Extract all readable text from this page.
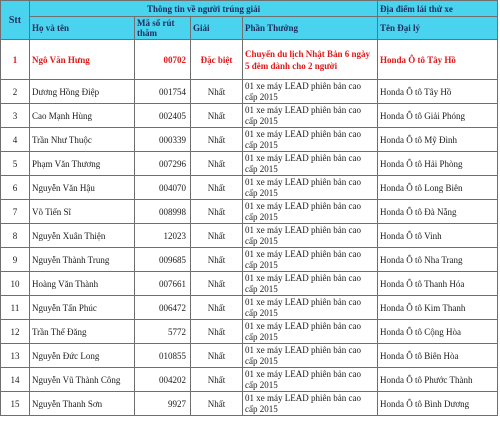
Stt	Thông tin về người trúng giải				Địa điểm lái thử xe
	Họ và tên	Mã số rút thăm	Giải	Phần Thưởng	Tên Đại lý
1	Ngô Văn Hưng	00702	Đặc biệt	Chuyến du lịch Nhật Bản 6 ngày 5 đêm dành cho 2 người	Honda Ô tô Tây Hồ
2	Dương Hồng Điệp	001754	Nhất	01 xe máy LEAD phiên bản cao cấp 2015	Honda Ô tô Tây Hồ
3	Cao Mạnh Hùng	002405	Nhất	01 xe máy LEAD phiên bản cao cấp 2015	Honda Ô tô Giải Phóng
4	Trần Như Thuộc	000339	Nhất	01 xe máy LEAD phiên bản cao cấp 2015	Honda Ô tô Mỹ Đình
5	Phạm Văn Thương	007296	Nhất	01 xe máy LEAD phiên bản cao cấp 2015	Honda Ô tô Hải Phòng
6	Nguyễn Văn Hậu	004070	Nhất	01 xe máy LEAD phiên bản cao cấp 2015	Honda Ô tô Long Biên
7	Võ Tiến Sĩ	008998	Nhất	01 xe máy LEAD phiên bản cao cấp 2015	Honda Ô tô Đà Nẵng
8	Nguyễn Xuân Thiện	12023	Nhất	01 xe máy LEAD phiên bản cao cấp 2015	Honda Ô tô Vinh
9	Nguyễn Thành Trung	009685	Nhất	01 xe máy LEAD phiên bản cao cấp 2015	Honda Ô tô Nha Trang
10	Hoàng Văn Thành	007661	Nhất	01 xe máy LEAD phiên bản cao cấp 2015	Honda Ô tô Thanh Hóa
11	Nguyễn Tấn Phúc	006472	Nhất	01 xe máy LEAD phiên bản cao cấp 2015	Honda Ô tô Kim Thanh
12	Trần Thế Đăng	5772	Nhất	01 xe máy LEAD phiên bản cao cấp 2015	Honda Ô tô Cộng Hòa
13	Nguyễn Đức Long	010855	Nhất	01 xe máy LEAD phiên bản cao cấp 2015	Honda Ô tô Biên Hòa
14	Nguyễn Vũ Thành Công	004202	Nhất	01 xe máy LEAD phiên bản cao cấp 2015	Honda Ô tô Phước Thành
15	Nguyễn Thanh Sơn	9927	Nhất	01 xe máy LEAD phiên bản cao cấp 2015	Honda Ô tô Bình Dương
